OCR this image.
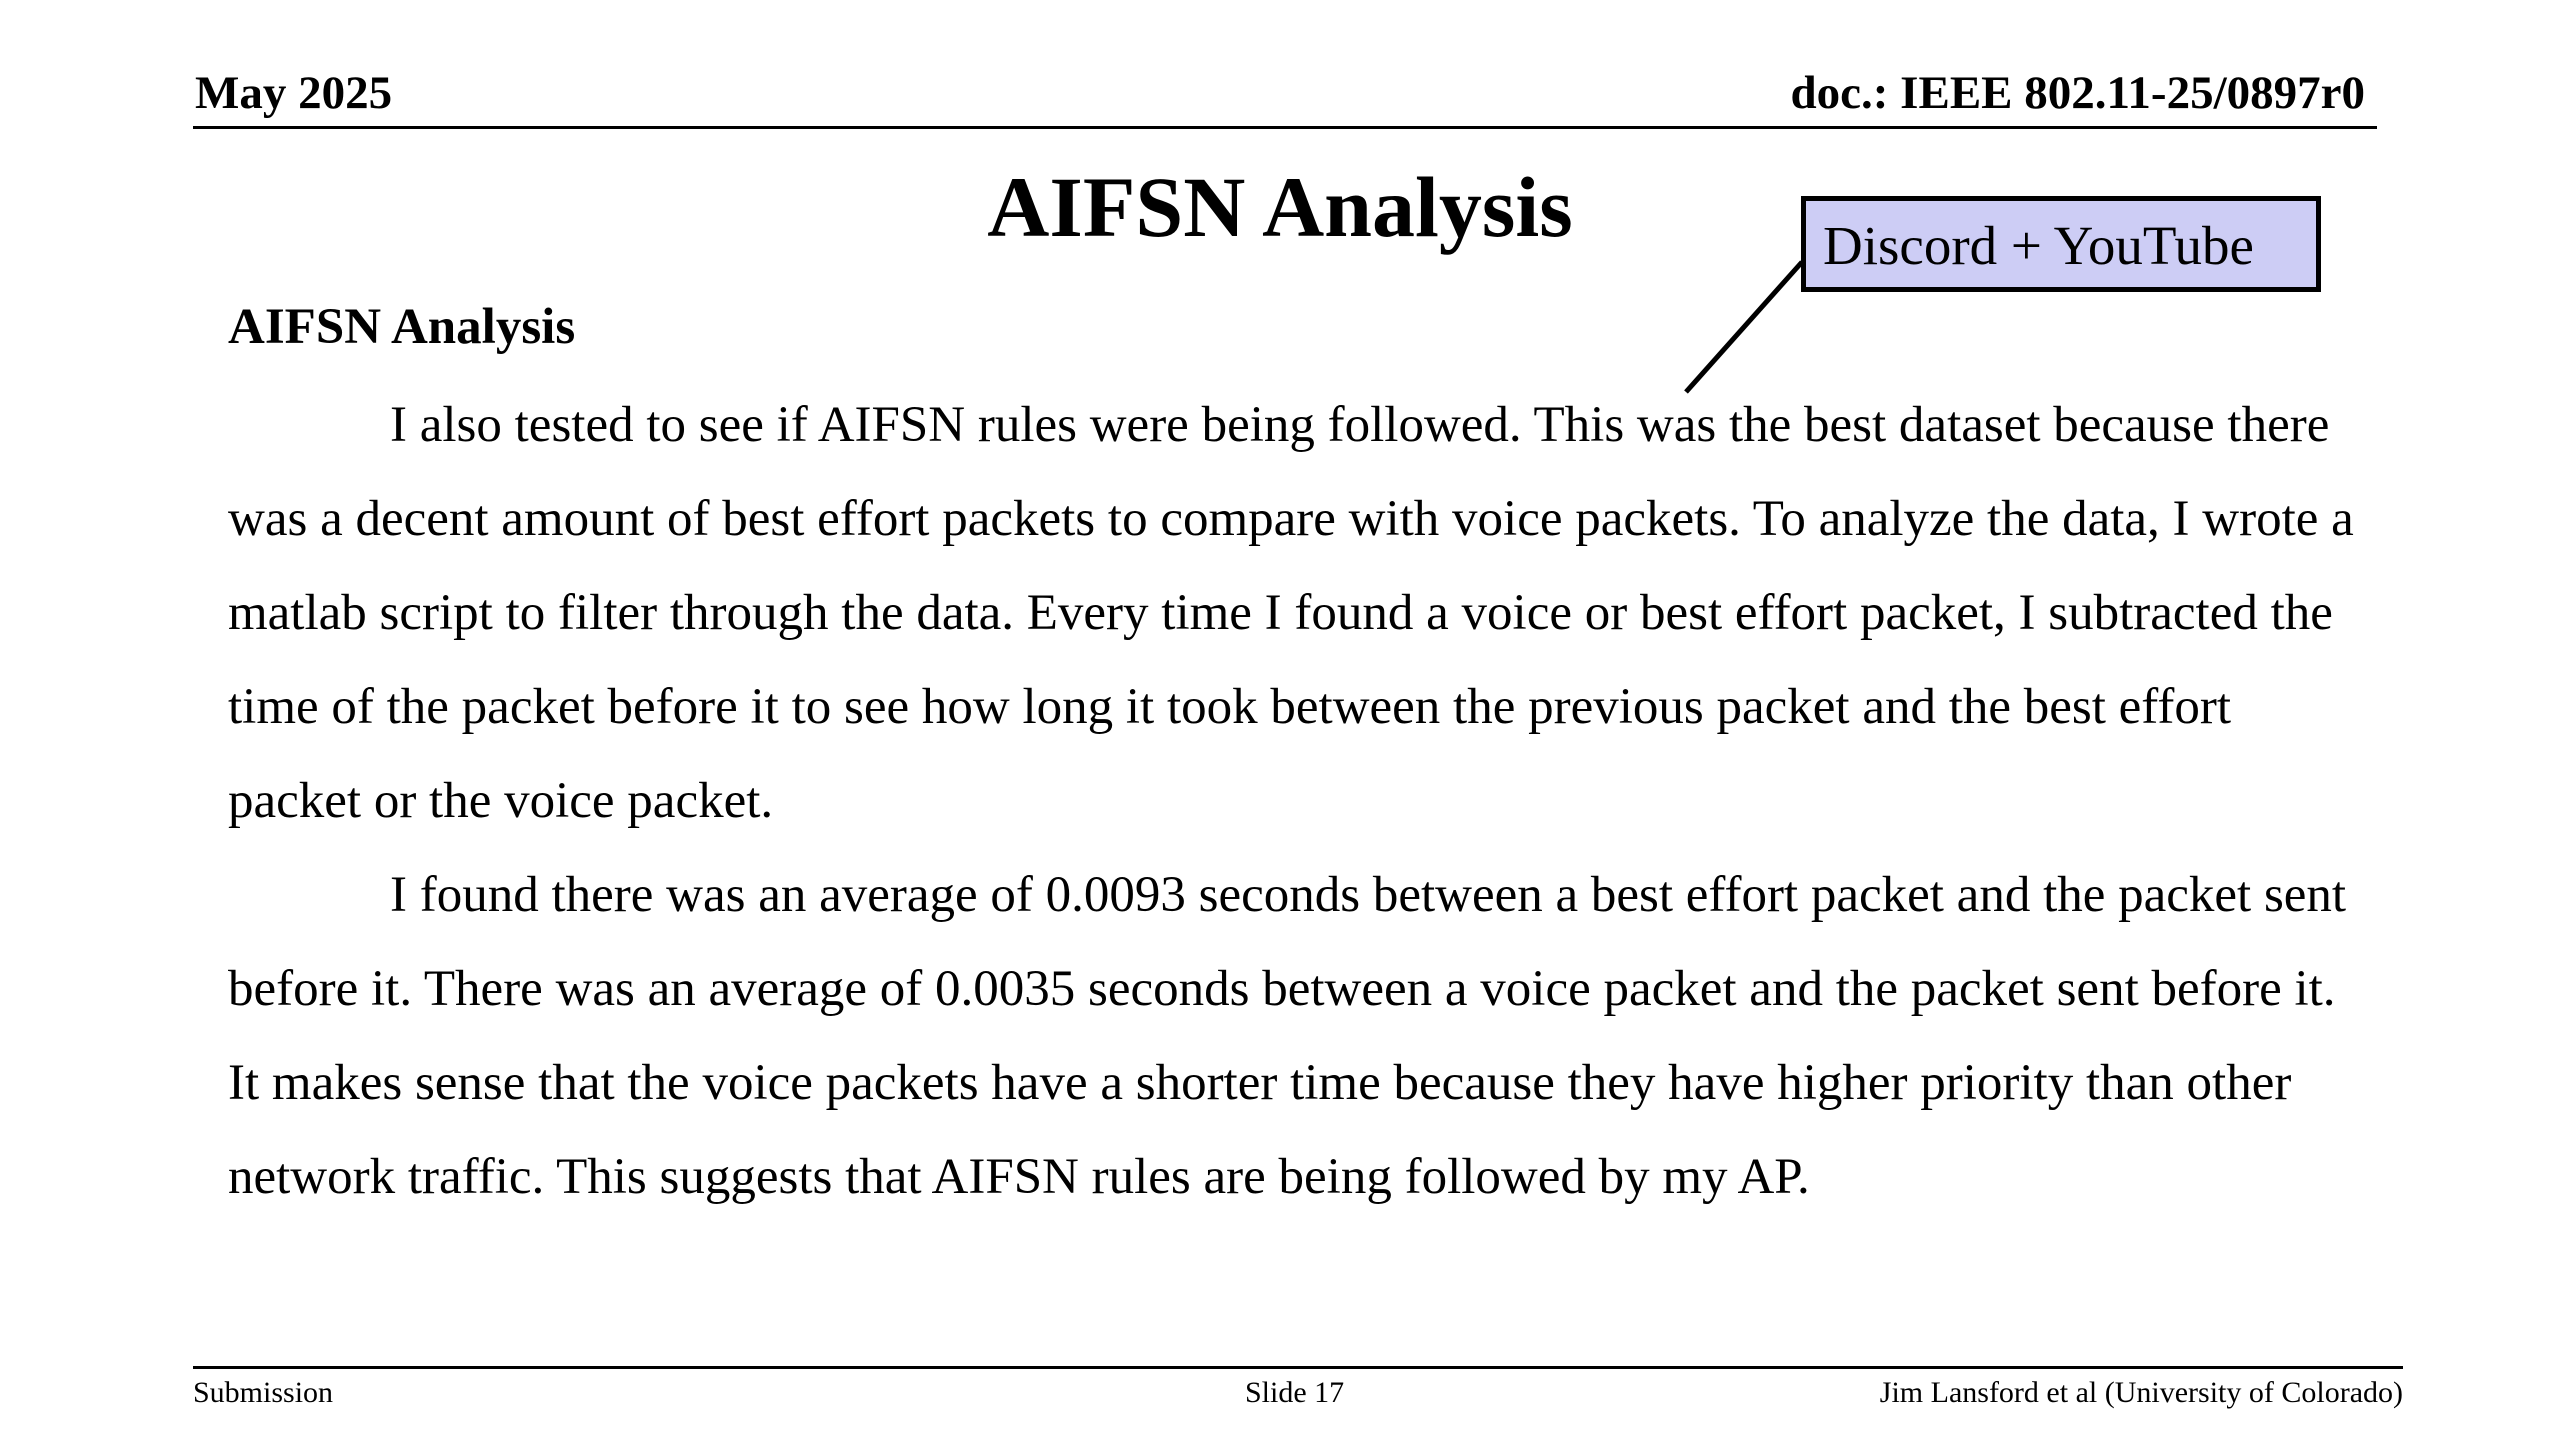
May 2025	doc.: IEEE 802.11-25/0897r0
AIFSN Analysis	Discord + YouTube
AIFSN Analysis

I also tested to see if AIFSN rules were being followed. This was the best dataset because there was a decent amount of best effort packets to compare with voice packets. To analyze the data, I wrote a matlab script to filter through the data. Every time I found a voice or best effort packet, I subtracted the time of the packet before it to see how long it took between the previous packet and the best effort packet or the voice packet.

I found there was an average of 0.0093 seconds between a best effort packet and the packet sent before it. There was an average of 0.0035 seconds between a voice packet and the packet sent before it. It makes sense that the voice packets have a shorter time because they have higher priority than other network traffic. This suggests that AIFSN rules are being followed by my AP.

Submission	Slide 17	Jim Lansford et al (University of Colorado)
